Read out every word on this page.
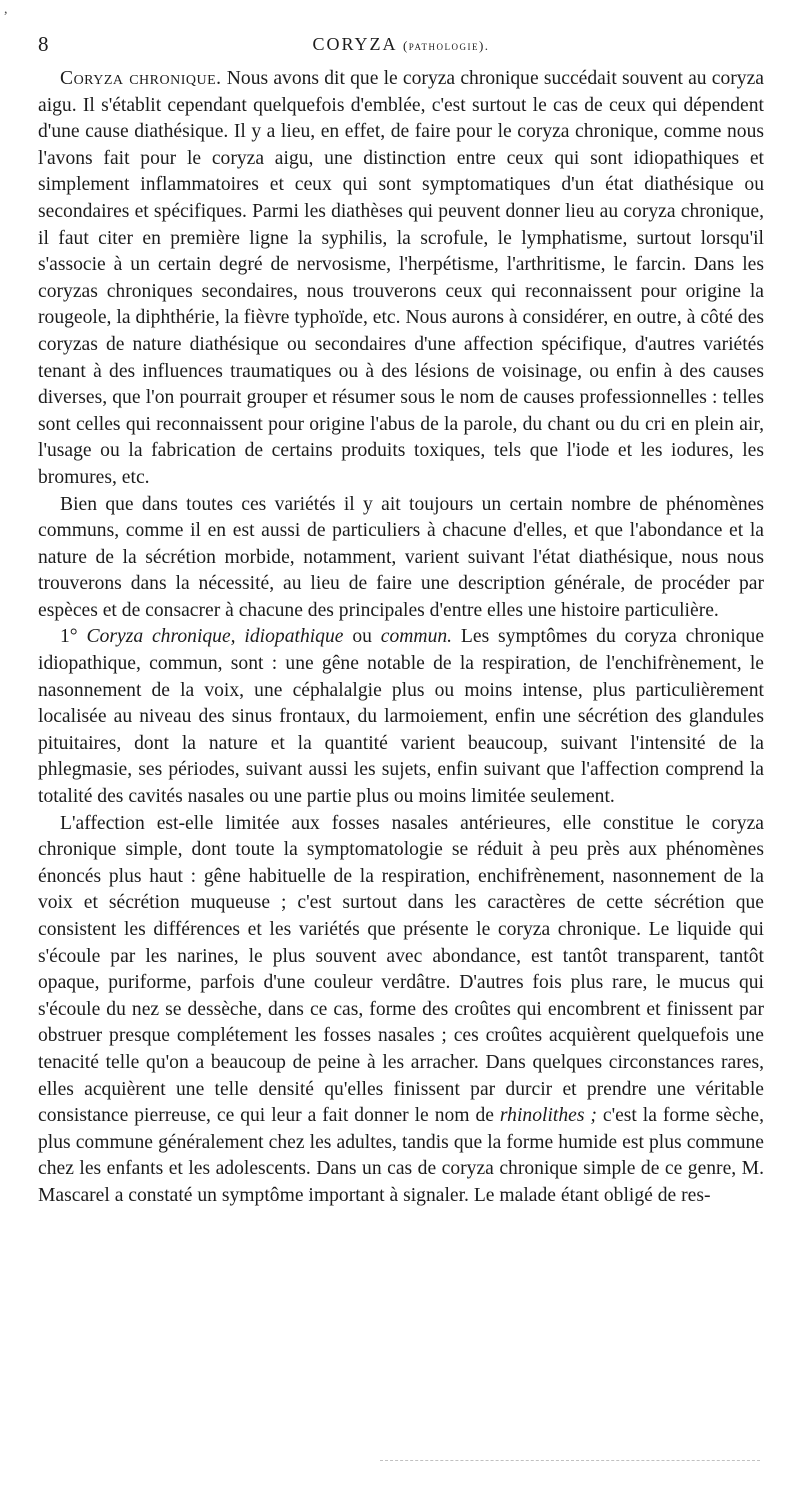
,
8	CORYZA (pathologie).

Coryza chronique. Nous avons dit que le coryza chronique succédait souvent au coryza aigu. Il s'établit cependant quelquefois d'emblée, c'est surtout le cas de ceux qui dépendent d'une cause diathésique. Il y a lieu, en effet, de faire pour le coryza chronique, comme nous l'avons fait pour le coryza aigu, une distinction entre ceux qui sont idiopathiques et simplement inflammatoires et ceux qui sont symptomatiques d'un état diathésique ou secondaires et spécifiques. Parmi les diathèses qui peuvent donner lieu au coryza chronique, il faut citer en première ligne la syphilis, la scrofule, le lymphatisme, surtout lorsqu'il s'associe à un certain degré de nervosisme, l'herpétisme, l'arthritisme, le farcin. Dans les coryzas chroniques secondaires, nous trouverons ceux qui reconnaissent pour origine la rougeole, la diphthérie, la fièvre typhoïde, etc. Nous aurons à considérer, en outre, à côté des coryzas de nature diathésique ou secondaires d'une affection spécifique, d'autres variétés tenant à des influences traumatiques ou à des lésions de voisinage, ou enfin à des causes diverses, que l'on pourrait grouper et résumer sous le nom de causes professionnelles : telles sont celles qui reconnaissent pour origine l'abus de la parole, du chant ou du cri en plein air, l'usage ou la fabrication de certains produits toxiques, tels que l'iode et les iodures, les bromures, etc.

Bien que dans toutes ces variétés il y ait toujours un certain nombre de phénomènes communs, comme il en est aussi de particuliers à chacune d'elles, et que l'abondance et la nature de la sécrétion morbide, notamment, varient suivant l'état diathésique, nous nous trouverons dans la nécessité, au lieu de faire une description générale, de procéder par espèces et de consacrer à chacune des principales d'entre elles une histoire particulière.

1° Coryza chronique, idiopathique ou commun. Les symptômes du coryza chronique idiopathique, commun, sont : une gêne notable de la respiration, de l'enchifrènement, le nasonnement de la voix, une céphalalgie plus ou moins intense, plus particulièrement localisée au niveau des sinus frontaux, du larmoiement, enfin une sécrétion des glandules pituitaires, dont la nature et la quantité varient beaucoup, suivant l'intensité de la phlegmasie, ses périodes, suivant aussi les sujets, enfin suivant que l'affection comprend la totalité des cavités nasales ou une partie plus ou moins limitée seulement.

L'affection est-elle limitée aux fosses nasales antérieures, elle constitue le coryza chronique simple, dont toute la symptomatologie se réduit à peu près aux phénomènes énoncés plus haut : gêne habituelle de la respiration, enchifrènement, nasonnement de la voix et sécrétion muqueuse ; c'est surtout dans les caractères de cette sécrétion que consistent les différences et les variétés que présente le coryza chronique. Le liquide qui s'écoule par les narines, le plus souvent avec abondance, est tantôt transparent, tantôt opaque, puriforme, parfois d'une couleur verdâtre. D'autres fois plus rare, le mucus qui s'écoule du nez se dessèche, dans ce cas, forme des croûtes qui encombrent et finissent par obstruer presque complétement les fosses nasales ; ces croûtes acquièrent quelquefois une tenacité telle qu'on a beaucoup de peine à les arracher. Dans quelques circonstances rares, elles acquièrent une telle densité qu'elles finissent par durcir et prendre une véritable consistance pierreuse, ce qui leur a fait donner le nom de rhinolithes ; c'est la forme sèche, plus commune généralement chez les adultes, tandis que la forme humide est plus commune chez les enfants et les adolescents. Dans un cas de coryza chronique simple de ce genre, M. Mascarel a constaté un symptôme important à signaler. Le malade étant obligé de res-
